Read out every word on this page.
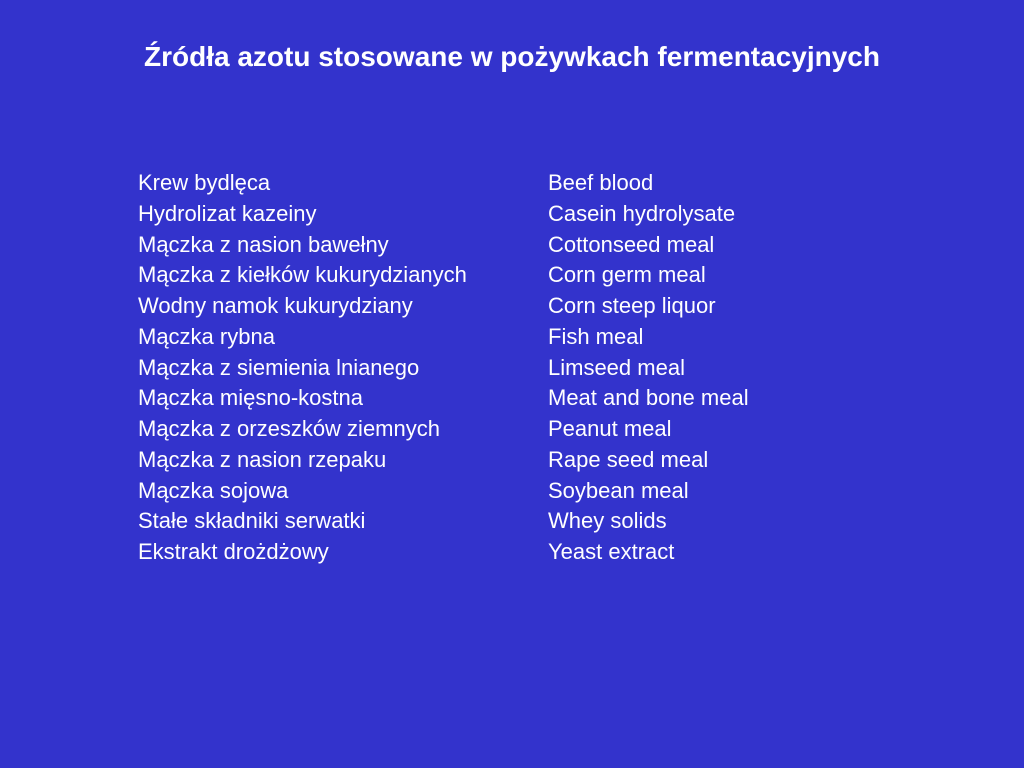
Źródła azotu stosowane w pożywkach fermentacyjnych
Krew bydlęca
Hydrolizat kazeiny
Mączka z nasion bawełny
Mączka z kiełków kukurydzianych
Wodny namok kukurydziany
Mączka rybna
Mączka z siemienia lnianego
Mączka mięsno-kostna
Mączka z orzeszków ziemnych
Mączka z nasion rzepaku
Mączka sojowa
Stałe składniki serwatki
Ekstrakt drożdżowy
Beef blood
Casein hydrolysate
Cottonseed meal
Corn germ meal
Corn steep liquor
Fish meal
Limseed meal
Meat and bone meal
Peanut meal
Rape seed meal
Soybean meal
Whey solids
Yeast extract
